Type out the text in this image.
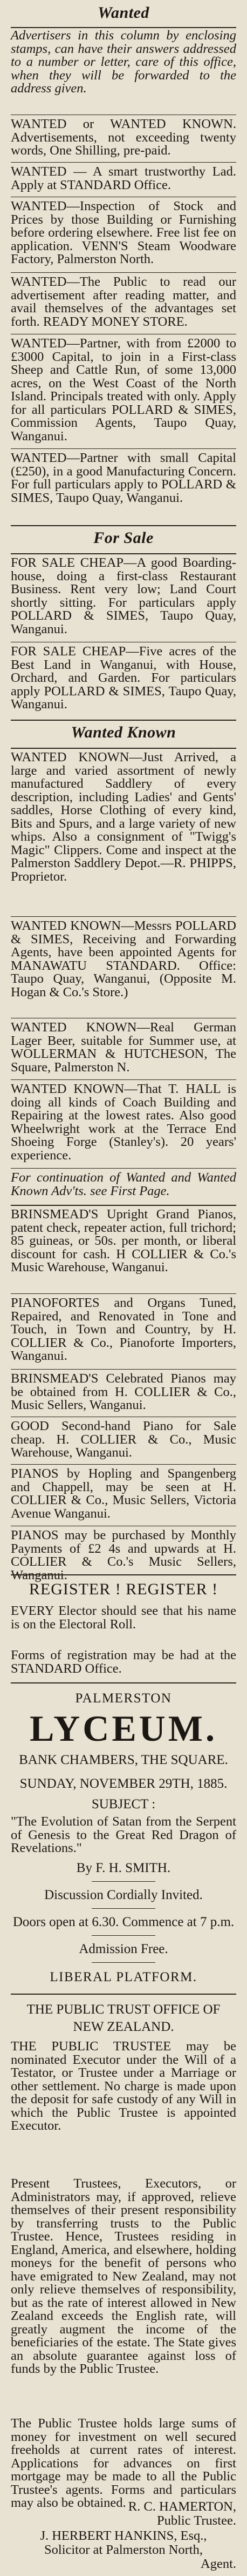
Wanted
Advertisers in this column by enclosing stamps, can have their answers addressed to a number or letter, care of this office, when they will be forwarded to the address given.
WANTED or WANTED KNOWN. Advertisements, not exceeding twenty words, One Shilling, pre-paid.
WANTED — A smart trustworthy Lad. Apply at STANDARD Office.
WANTED—Inspection of Stock and Prices by those Building or Furnishing before ordering elsewhere. Free list fee on application. VENN'S Steam Woodware Factory, Palmerston North.
WANTED—The Public to read our advertisement after reading matter, and avail themselves of the advantages set forth. READY MONEY STORE.
WANTED—Partner, with from £2000 to £3000 Capital, to join in a First-class Sheep and Cattle Run, of some 13,000 acres, on the West Coast of the North Island. Principals treated with only. Apply for all particulars POLLARD & SIMES, Commission Agents, Taupo Quay, Wanganui.
WANTED—Partner with small Capital (£250), in a good Manufacturing Concern. For full particulars apply to POLLARD & SIMES, Taupo Quay, Wanganui.
For Sale
FOR SALE CHEAP—A good Boarding-house, doing a first-class Restaurant Business. Rent very low; Land Court shortly sitting. For particulars apply POLLARD & SIMES, Taupo Quay, Wanganui.
FOR SALE CHEAP—Five acres of the Best Land in Wanganui, with House, Orchard, and Garden. For particulars apply POLLARD & SIMES, Taupo Quay, Wanganui.
Wanted Known
WANTED KNOWN—Just Arrived, a large and varied assortment of newly manufactured Saddlery of every description, including Ladies' and Gents' saddles, Horse Clothing of every kind, Bits and Spurs, and a large variety of new whips. Also a consignment of "Twigg's Magic" Clippers. Come and inspect at the Palmerston Saddlery Depot.—R. PHIPPS, Proprietor.
WANTED KNOWN—Messrs POLLARD & SIMES, Receiving and Forwarding Agents, have been appointed Agents for MANAWATU STANDARD. Office: Taupo Quay, Wanganui, (Opposite M. Hogan & Co.'s Store.)
WANTED KNOWN—Real German Lager Beer, suitable for Summer use, at WOLLERMAN & HUTCHESON, The Square, Palmerston N.
WANTED KNOWN—That T. HALL is doing all kinds of Coach Building and Repairing at the lowest rates. Also good Wheelwright work at the Terrace End Shoeing Forge (Stanley's). 20 years' experience.
For continuation of Wanted and Wanted Known Adv'ts. see First Page.
BRINSMEAD'S Upright Grand Pianos, patent check, repeater action, full trichord; 85 guineas, or 50s. per month, or liberal discount for cash. H COLLIER & Co.'s Music Warehouse, Wanganui.
PIANOFORTES and Organs Tuned, Repaired, and Renovated in Tone and Touch, in Town and Country, by H. COLLIER & Co., Pianoforte Importers, Wanganui.
BRINSMEAD'S Celebrated Pianos may be obtained from H. COLLIER & Co., Music Sellers, Wanganui.
GOOD Second-hand Piano for Sale cheap. H. COLLIER & Co., Music Warehouse, Wanganui.
PIANOS by Hopling and Spangenberg and Chappell, may be seen at H. COLLIER & Co., Music Sellers, Victoria Avenue Wanganui.
PIANOS may be purchased by Monthly Payments of £2 4s and upwards at H. COLLIER & Co.'s Music Sellers, Wanganui.
REGISTER ! REGISTER !
EVERY Elector should see that his name is on the Electoral Roll.
Forms of registration may be had at the STANDARD Office.
PALMERSTON
LYCEUM.
BANK CHAMBERS, THE SQUARE.
SUNDAY, NOVEMBER 29TH, 1885.
SUBJECT :
"The Evolution of Satan from the Serpent of Genesis to the Great Red Dragon of Revelations."
By F. H. SMITH.
Discussion Cordially Invited.
Doors open at 6.30. Commence at 7 p.m.
Admission Free.
LIBERAL PLATFORM.
THE PUBLIC TRUST OFFICE OF NEW ZEALAND.
THE PUBLIC TRUSTEE may be nominated Executor under the Will of a Testator, or Trustee under a Marriage or other settlement. No charge is made upon the deposit for safe custody of any Will in which the Public Trustee is appointed Executor.
Present Trustees, Executors, or Administrators may, if approved, relieve themselves of their present responsibility by transferring trusts to the Public Trustee. Hence, Trustees residing in England, America, and elsewhere, holding moneys for the benefit of persons who have emigrated to New Zealand, may not only relieve themselves of responsibility, but as the rate of interest allowed in New Zealand exceeds the English rate, will greatly augment the income of the beneficiaries of the estate. The State gives an absolute guarantee against loss of funds by the Public Trustee.
The Public Trustee holds large sums of money for investment on well secured freeholds at current rates of interest. Applications for advances on first mortgage may be made to all the Public Trustee's agents. Forms and particulars may also be obtained. R. C. HAMERTON,
Public Trustee.
J. HERBERT HANKINS, Esq.,
Solicitor at Palmerston North,
Agent.
